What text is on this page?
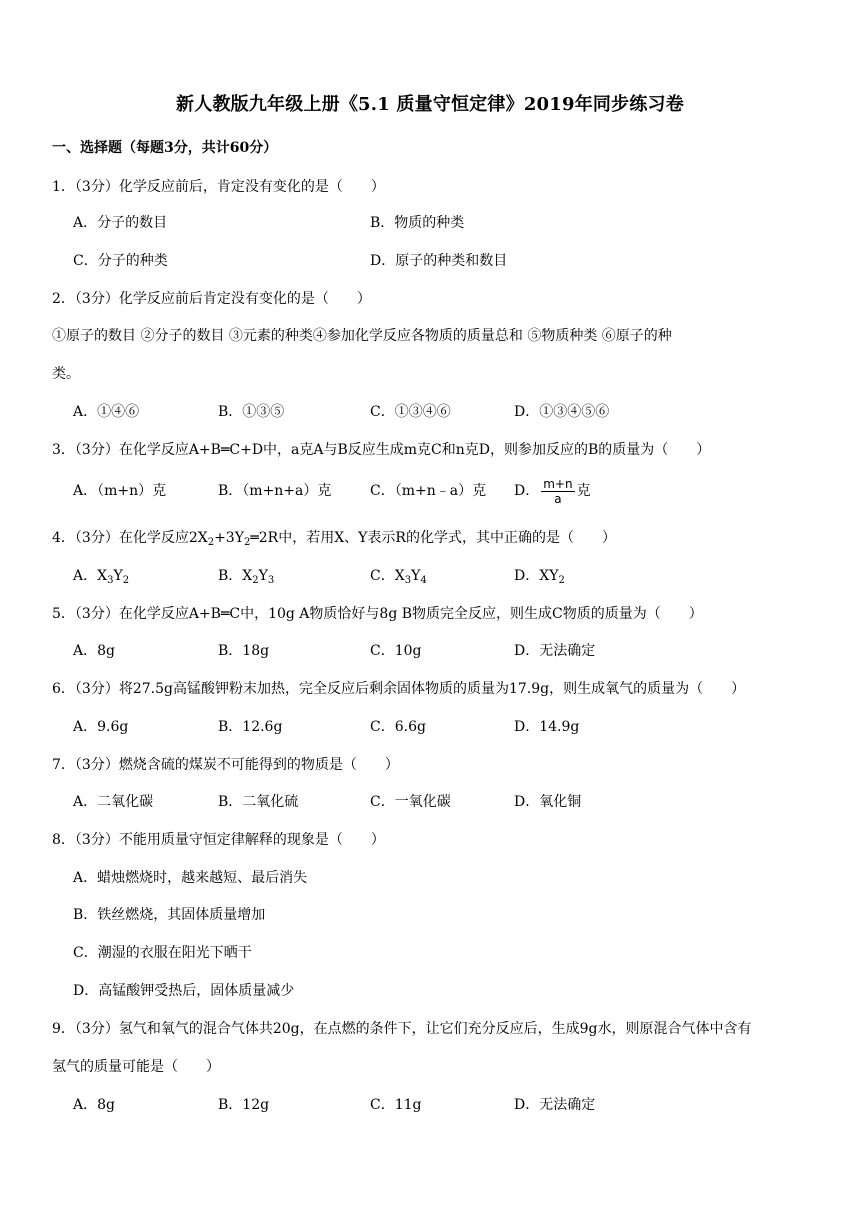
新人教版九年级上册《5.1 质量守恒定律》2019年同步练习卷
一、选择题（每题3分，共计60分）
1．（3分）化学反应前后，肯定没有变化的是（　　）
A．分子的数目	B．物质的种类
C．分子的种类	D．原子的种类和数目
2．（3分）化学反应前后肯定没有变化的是（　　）
①原子的数目 ②分子的数目 ③元素的种类④参加化学反应各物质的质量总和 ⑤物质种类 ⑥原子的种
类。
A．①④⑥	B．①③⑤	C．①③④⑥	D．①③④⑤⑥
3．（3分）在化学反应A+B═C+D中，a克A与B反应生成m克C和n克D，则参加反应的B的质量为（　　）
A．（m+n）克	B．（m+n+a）克	C．（m+n﹣a）克 D． $\frac{m+n}{a}$ 克
4．（3分）在化学反应$2X_2+3Y_2═2R$中，若用X、Y表示R的化学式，其中正确的是（　　）
A．$X_3Y_2$	B．$X_2Y_3$	C．$X_3Y_4$	D．$XY_2$
5．（3分）在化学反应A+B═C中，10g A物质恰好与8g B物质完全反应，则生成C物质的质量为（　　）
A．8g	B．18g	C．10g	D．无法确定
6．（3分）将27.5g高锰酸钾粉末加热，完全反应后剩余固体物质的质量为17.9g，则生成氧气的质量为（　　）
A．9.6g	B．12.6g	C．6.6g	D．14.9g
7．（3分）燃烧含硫的煤炭不可能得到的物质是（　　）
A．二氧化碳	B．二氧化硫	C．一氧化碳	D．氧化铜
8．（3分）不能用质量守恒定律解释的现象是（　　）
A．蜡烛燃烧时，越来越短、最后消失
B．铁丝燃烧，其固体质量增加
C．潮湿的衣服在阳光下晒干
D．高锰酸钾受热后，固体质量减少
9．（3分）氢气和氧气的混合气体共20g，在点燃的条件下，让它们充分反应后，生成9g水，则原混合气体中含有
氢气的质量可能是（　　）
A．8g	B．12g	C．11g	D．无法确定
